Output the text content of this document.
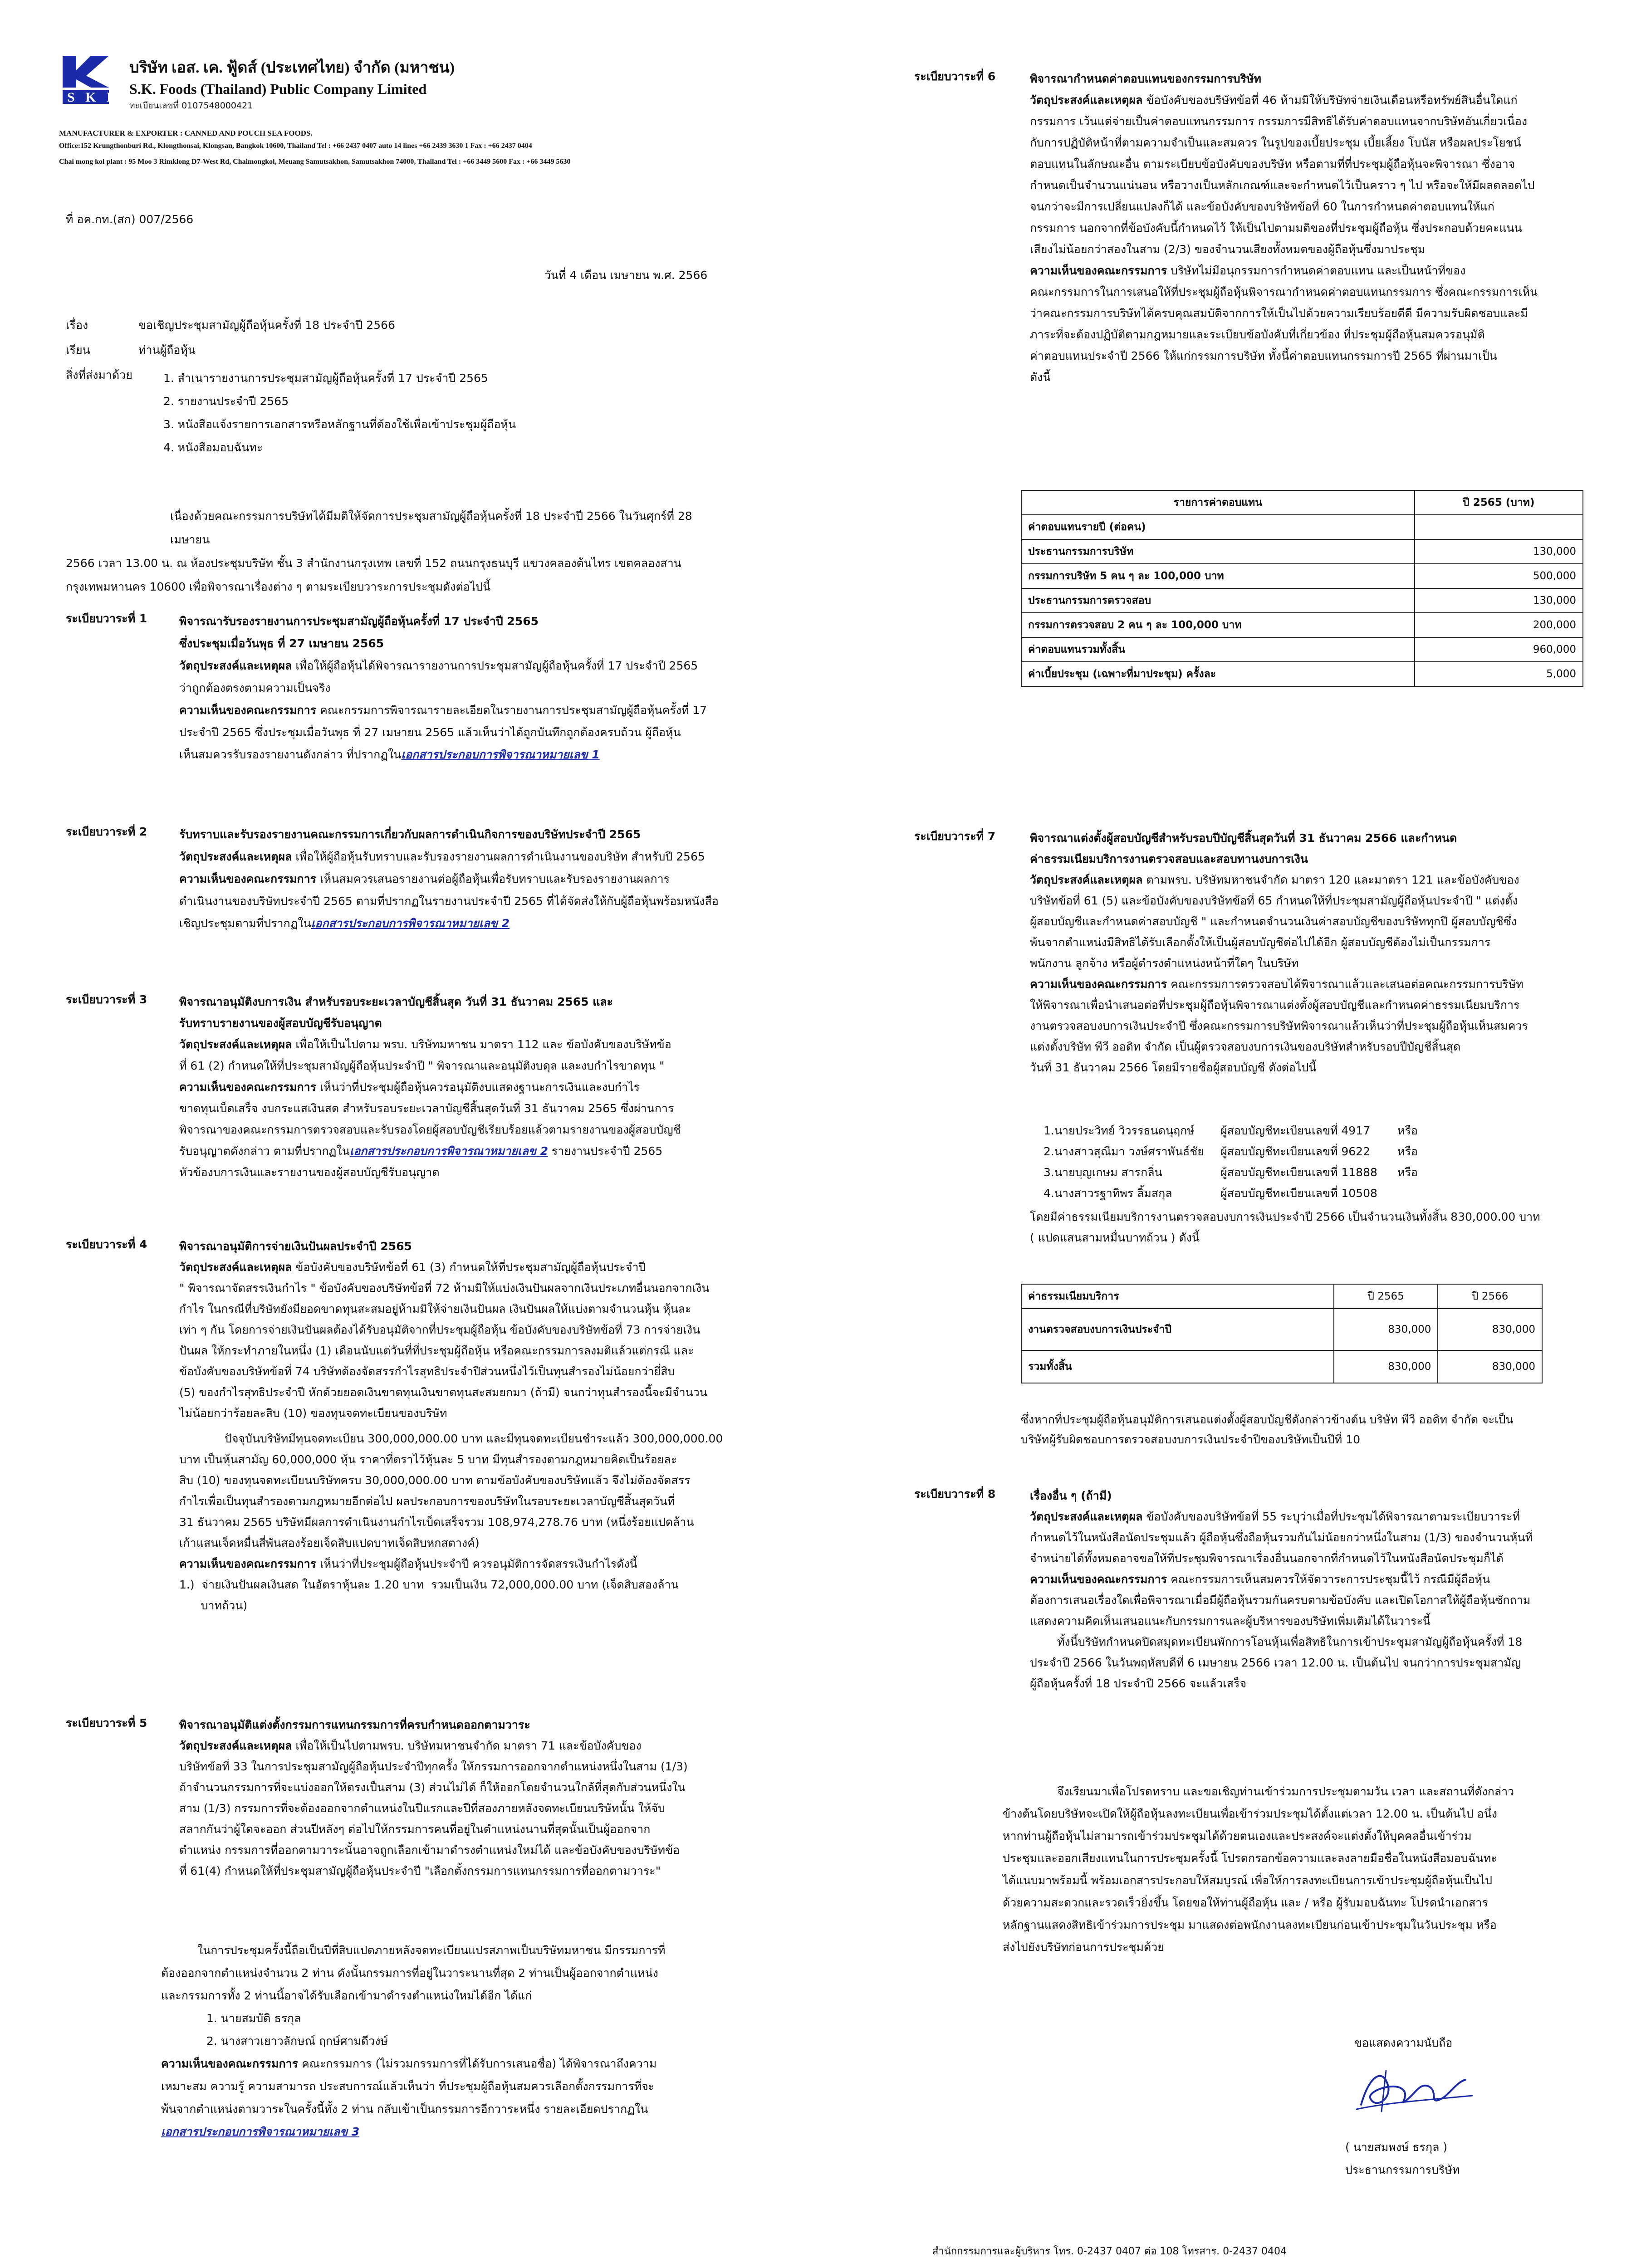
S K F
บริษัท เอส. เค. ฟู้ดส์ (ประเทศไทย) จำกัด (มหาชน)
S.K. Foods (Thailand) Public Company Limited
ทะเบียนเลขที่ 0107548000421
MANUFACTURER & EXPORTER : CANNED AND POUCH SEA FOODS.
Office:152 Krungthonburi Rd., Klongthonsai, Klongsan, Bangkok 10600, Thailand Tel : +66 2437 0407 auto 14 lines +66 2439 3630 1 Fax : +66 2437 0404
Chai mong kol plant : 95 Moo 3 Rimklong D7-West Rd, Chaimongkol, Meuang Samutsakhon, Samutsakhon 74000, Thailand Tel : +66 3449 5600 Fax : +66 3449 5630
ที่ อค.กท.(สก) 007/2566
วันที่ 4 เดือน เมษายน พ.ศ. 2566
เรื่อง	ขอเชิญประชุมสามัญผู้ถือหุ้นครั้งที่ 18 ประจำปี 2566
เรียน	ท่านผู้ถือหุ้น
สิ่งที่ส่งมาด้วย	1. สำเนารายงานการประชุมสามัญผู้ถือหุ้นครั้งที่ 17 ประจำปี 2565
2. รายงานประจำปี 2565
3. หนังสือแจ้งรายการเอกสารหรือหลักฐานที่ต้องใช้เพื่อเข้าประชุมผู้ถือหุ้น
4. หนังสือมอบฉันทะ
เนื่องด้วยคณะกรรมการบริษัทได้มีมติให้จัดการประชุมสามัญผู้ถือหุ้นครั้งที่ 18 ประจำปี 2566 ในวันศุกร์ที่ 28 เมษายน
2566 เวลา 13.00 น. ณ ห้องประชุมบริษัท ชั้น 3 สำนักงานกรุงเทพ เลขที่ 152 ถนนกรุงธนบุรี แขวงคลองต้นไทร เขตคลองสาน
กรุงเทพมหานคร 10600 เพื่อพิจารณาเรื่องต่าง ๆ ตามระเบียบวาระการประชุมดังต่อไปนี้
ระเบียบวาระที่ 1	พิจารณารับรองรายงานการประชุมสามัญผู้ถือหุ้นครั้งที่ 17 ประจำปี 2565
ซึ่งประชุมเมื่อวันพุธ ที่ 27 เมษายน 2565
วัตถุประสงค์และเหตุผล เพื่อให้ผู้ถือหุ้นได้พิจารณารายงานการประชุมสามัญผู้ถือหุ้นครั้งที่ 17 ประจำปี 2565
ว่าถูกต้องตรงตามความเป็นจริง
ความเห็นของคณะกรรมการ คณะกรรมการพิจารณารายละเอียดในรายงานการประชุมสามัญผู้ถือหุ้นครั้งที่ 17
ประจำปี 2565 ซึ่งประชุมเมื่อวันพุธ ที่ 27 เมษายน 2565 แล้วเห็นว่าได้ถูกบันทึกถูกต้องครบถ้วน ผู้ถือหุ้น
เห็นสมควรรับรองรายงานดังกล่าว ที่ปรากฏในเอกสารประกอบการพิจารณาหมายเลข 1
ระเบียบวาระที่ 2	รับทราบและรับรองรายงานคณะกรรมการเกี่ยวกับผลการดำเนินกิจการของบริษัทประจำปี 2565
วัตถุประสงค์และเหตุผล เพื่อให้ผู้ถือหุ้นรับทราบและรับรองรายงานผลการดำเนินงานของบริษัท สำหรับปี 2565
ความเห็นของคณะกรรมการ เห็นสมควรเสนอรายงานต่อผู้ถือหุ้นเพื่อรับทราบและรับรองรายงานผลการ
ดำเนินงานของบริษัทประจำปี 2565 ตามที่ปรากฏในรายงานประจำปี 2565 ที่ได้จัดส่งให้กับผู้ถือหุ้นพร้อมหนังสือ
เชิญประชุมตามที่ปรากฏในเอกสารประกอบการพิจารณาหมายเลข 2
ระเบียบวาระที่ 3	พิจารณาอนุมัติงบการเงิน สำหรับรอบระยะเวลาบัญชีสิ้นสุด วันที่ 31 ธันวาคม 2565 และ
รับทราบรายงานของผู้สอบบัญชีรับอนุญาต
วัตถุประสงค์และเหตุผล เพื่อให้เป็นไปตาม พรบ. บริษัทมหาชน มาตรา 112 และ ข้อบังคับของบริษัทข้อ
ที่ 61 (2) กำหนดให้ที่ประชุมสามัญผู้ถือหุ้นประจำปี " พิจารณาและอนุมัติงบดุล และงบกำไรขาดทุน "
ความเห็นของคณะกรรมการ เห็นว่าที่ประชุมผู้ถือหุ้นควรอนุมัติงบแสดงฐานะการเงินและงบกำไร
ขาดทุนเบ็ดเสร็จ งบกระแสเงินสด สำหรับรอบระยะเวลาบัญชีสิ้นสุดวันที่ 31 ธันวาคม 2565 ซึ่งผ่านการ
พิจารณาของคณะกรรมการตรวจสอบและรับรองโดยผู้สอบบัญชีเรียบร้อยแล้วตามรายงานของผู้สอบบัญชี
รับอนุญาตดังกล่าว ตามที่ปรากฏในเอกสารประกอบการพิจารณาหมายเลข 2 รายงานประจำปี 2565
หัวข้องบการเงินและรายงานของผู้สอบบัญชีรับอนุญาต
ระเบียบวาระที่ 4	พิจารณาอนุมัติการจ่ายเงินปันผลประจำปี 2565
วัตถุประสงค์และเหตุผล ข้อบังคับของบริษัทข้อที่ 61 (3) กำหนดให้ที่ประชุมสามัญผู้ถือหุ้นประจำปี
" พิจารณาจัดสรรเงินกำไร " ข้อบังคับของบริษัทข้อที่ 72 ห้ามมิให้แบ่งเงินปันผลจากเงินประเภทอื่นนอกจากเงิน
กำไร ในกรณีที่บริษัทยังมียอดขาดทุนสะสมอยู่ห้ามมิให้จ่ายเงินปันผล เงินปันผลให้แบ่งตามจำนวนหุ้น หุ้นละ
เท่า ๆ กัน โดยการจ่ายเงินปันผลต้องได้รับอนุมัติจากที่ประชุมผู้ถือหุ้น ข้อบังคับของบริษัทข้อที่ 73 การจ่ายเงิน
ปันผล ให้กระทำภายในหนึ่ง (1) เดือนนับแต่วันที่ที่ประชุมผู้ถือหุ้น หรือคณะกรรมการลงมติแล้วแต่กรณี และ
ข้อบังคับของบริษัทข้อที่ 74 บริษัทต้องจัดสรรกำไรสุทธิประจำปีส่วนหนึ่งไว้เป็นทุนสำรองไม่น้อยกว่ายี่สิบ
(5) ของกำไรสุทธิประจำปี หักด้วยยอดเงินขาดทุนเงินขาดทุนสะสมยกมา (ถ้ามี) จนกว่าทุนสำรองนี้จะมีจำนวน
ไม่น้อยกว่าร้อยละสิบ (10) ของทุนจดทะเบียนของบริษัท
ปัจจุบันบริษัทมีทุนจดทะเบียน 300,000,000.00 บาท และมีทุนจดทะเบียนชำระแล้ว 300,000,000.00
บาท เป็นหุ้นสามัญ 60,000,000 หุ้น ราคาที่ตราไว้หุ้นละ 5 บาท มีทุนสำรองตามกฎหมายคิดเป็นร้อยละ
สิบ (10) ของทุนจดทะเบียนบริษัทครบ 30,000,000.00 บาท ตามข้อบังคับของบริษัทแล้ว จึงไม่ต้องจัดสรร
กำไรเพื่อเป็นทุนสำรองตามกฎหมายอีกต่อไป ผลประกอบการของบริษัทในรอบระยะเวลาบัญชีสิ้นสุดวันที่
31 ธันวาคม 2565 บริษัทมีผลการดำเนินงานกำไรเบ็ดเสร็จรวม 108,974,278.76 บาท (หนึ่งร้อยแปดล้าน
เก้าแสนเจ็ดหมื่นสี่พันสองร้อยเจ็ดสิบแปดบาทเจ็ดสิบหกสตางค์)
ความเห็นของคณะกรรมการ เห็นว่าที่ประชุมผู้ถือหุ้นประจำปี ควรอนุมัติการจัดสรรเงินกำไรดังนี้
1.)  จ่ายเงินปันผลเงินสด ในอัตราหุ้นละ 1.20 บาท  รวมเป็นเงิน 72,000,000.00 บาท (เจ็ดสิบสองล้าน
บาทถ้วน)
ระเบียบวาระที่ 5	พิจารณาอนุมัติแต่งตั้งกรรมการแทนกรรมการที่ครบกำหนดออกตามวาระ
วัตถุประสงค์และเหตุผล เพื่อให้เป็นไปตามพรบ. บริษัทมหาชนจำกัด มาตรา 71 และข้อบังคับของ
บริษัทข้อที่ 33 ในการประชุมสามัญผู้ถือหุ้นประจำปีทุกครั้ง ให้กรรมการออกจากตำแหน่งหนึ่งในสาม (1/3)
ถ้าจำนวนกรรมการที่จะแบ่งออกให้ตรงเป็นสาม (3) ส่วนไม่ได้ ก็ให้ออกโดยจำนวนใกล้ที่สุดกับส่วนหนึ่งใน
สาม (1/3) กรรมการที่จะต้องออกจากตำแหน่งในปีแรกและปีที่สองภายหลังจดทะเบียนบริษัทนั้น ให้จับ
สลากกันว่าผู้ใดจะออก ส่วนปีหลังๆ ต่อไปให้กรรมการคนที่อยู่ในตำแหน่งนานที่สุดนั้นเป็นผู้ออกจาก
ตำแหน่ง กรรมการที่ออกตามวาระนั้นอาจถูกเลือกเข้ามาดำรงตำแหน่งใหม่ได้ และข้อบังคับของบริษัทข้อ
ที่ 61(4) กำหนดให้ที่ประชุมสามัญผู้ถือหุ้นประจำปี "เลือกตั้งกรรมการแทนกรรมการที่ออกตามวาระ"
ในการประชุมครั้งนี้ถือเป็นปีที่สิบแปดภายหลังจดทะเบียนแปรสภาพเป็นบริษัทมหาชน มีกรรมการที่
ต้องออกจากตำแหน่งจำนวน 2 ท่าน ดังนั้นกรรมการที่อยู่ในวาระนานที่สุด 2 ท่านเป็นผู้ออกจากตำแหน่ง
และกรรมการทั้ง 2 ท่านนี้อาจได้รับเลือกเข้ามาดำรงตำแหน่งใหม่ได้อีก ได้แก่
1. นายสมบัติ ธรกุล
2. นางสาวเยาวลักษณ์ ฤกษ์ศามดีวงษ์
ความเห็นของคณะกรรมการ คณะกรรมการ (ไม่รวมกรรมการที่ได้รับการเสนอชื่อ) ได้พิจารณาถึงความ
เหมาะสม ความรู้ ความสามารถ ประสบการณ์แล้วเห็นว่า ที่ประชุมผู้ถือหุ้นสมควรเลือกตั้งกรรมการที่จะ
พ้นจากตำแหน่งตามวาระในครั้งนี้ทั้ง 2 ท่าน กลับเข้าเป็นกรรมการอีกวาระหนึ่ง รายละเอียดปรากฏใน
เอกสารประกอบการพิจารณาหมายเลข 3
ระเบียบวาระที่ 6	พิจารณากำหนดค่าตอบแทนของกรรมการบริษัท
วัตถุประสงค์และเหตุผล ข้อบังคับของบริษัทข้อที่ 46 ห้ามมิให้บริษัทจ่ายเงินเดือนหรือทรัพย์สินอื่นใดแก่
กรรมการ เว้นแต่จ่ายเป็นค่าตอบแทนกรรมการ กรรมการมีสิทธิได้รับค่าตอบแทนจากบริษัทอันเกี่ยวเนื่อง
กับการปฏิบัติหน้าที่ตามความจำเป็นและสมควร ในรูปของเบี้ยประชุม เบี้ยเลี้ยง โบนัส หรือผลประโยชน์
ตอบแทนในลักษณะอื่น ตามระเบียบข้อบังคับของบริษัท หรือตามที่ที่ประชุมผู้ถือหุ้นจะพิจารณา ซึ่งอาจ
กำหนดเป็นจำนวนแน่นอน หรือวางเป็นหลักเกณฑ์และจะกำหนดไว้เป็นคราว ๆ ไป หรือจะให้มีผลตลอดไป
จนกว่าจะมีการเปลี่ยนแปลงก็ได้ และข้อบังคับของบริษัทข้อที่ 60 ในการกำหนดค่าตอบแทนให้แก่
กรรมการ นอกจากที่ข้อบังคับนี้กำหนดไว้ ให้เป็นไปตามมติของที่ประชุมผู้ถือหุ้น ซึ่งประกอบด้วยคะแนน
เสียงไม่น้อยกว่าสองในสาม (2/3) ของจำนวนเสียงทั้งหมดของผู้ถือหุ้นซึ่งมาประชุม
ความเห็นของคณะกรรมการ บริษัทไม่มีอนุกรรมการกำหนดค่าตอบแทน และเป็นหน้าที่ของ
คณะกรรมการในการเสนอให้ที่ประชุมผู้ถือหุ้นพิจารณากำหนดค่าตอบแทนกรรมการ ซึ่งคณะกรรมการเห็น
ว่าคณะกรรมการบริษัทได้ครบคุณสมบัติจากการให้เป็นไปด้วยความเรียบร้อยดีดี มีความรับผิดชอบและมี
ภาระที่จะต้องปฏิบัติตามกฎหมายและระเบียบข้อบังคับที่เกี่ยวข้อง ที่ประชุมผู้ถือหุ้นสมควรอนุมัติ
ค่าตอบแทนประจำปี 2566 ให้แก่กรรมการบริษัท ทั้งนี้ค่าตอบแทนกรรมการปี 2565 ที่ผ่านมาเป็น
ดังนี้
รายการค่าตอบแทน	ปี 2565 (บาท)
ค่าตอบแทนรายปี (ต่อคน)	
ประธานกรรมการบริษัท	130,000
กรรมการบริษัท 5 คน ๆ ละ 100,000 บาท	500,000
ประธานกรรมการตรวจสอบ	130,000
กรรมการตรวจสอบ 2 คน ๆ ละ 100,000 บาท	200,000
ค่าตอบแทนรวมทั้งสิ้น	960,000
ค่าเบี้ยประชุม (เฉพาะที่มาประชุม) ครั้งละ	5,000
ระเบียบวาระที่ 7	พิจารณาแต่งตั้งผู้สอบบัญชีสำหรับรอบปีบัญชีสิ้นสุดวันที่ 31 ธันวาคม 2566 และกำหนด
ค่าธรรมเนียมบริการงานตรวจสอบและสอบทานงบการเงิน
วัตถุประสงค์และเหตุผล ตามพรบ. บริษัทมหาชนจำกัด มาตรา 120 และมาตรา 121 และข้อบังคับของ
บริษัทข้อที่ 61 (5) และข้อบังคับของบริษัทข้อที่ 65 กำหนดให้ที่ประชุมสามัญผู้ถือหุ้นประจำปี " แต่งตั้ง
ผู้สอบบัญชีและกำหนดค่าสอบบัญชี " และกำหนดจำนวนเงินค่าสอบบัญชีของบริษัททุกปี ผู้สอบบัญชีซึ่ง
พ้นจากตำแหน่งมีสิทธิได้รับเลือกตั้งให้เป็นผู้สอบบัญชีต่อไปได้อีก ผู้สอบบัญชีต้องไม่เป็นกรรมการ
พนักงาน ลูกจ้าง หรือผู้ดำรงตำแหน่งหน้าที่ใดๆ ในบริษัท
ความเห็นของคณะกรรมการ คณะกรรมการตรวจสอบได้พิจารณาแล้วและเสนอต่อคณะกรรมการบริษัท
ให้พิจารณาเพื่อนำเสนอต่อที่ประชุมผู้ถือหุ้นพิจารณาแต่งตั้งผู้สอบบัญชีและกำหนดค่าธรรมเนียมบริการ
งานตรวจสอบงบการเงินประจำปี ซึ่งคณะกรรมการบริษัทพิจารณาแล้วเห็นว่าที่ประชุมผู้ถือหุ้นเห็นสมควร
แต่งตั้งบริษัท พีวี ออดิท จำกัด เป็นผู้ตรวจสอบงบการเงินของบริษัทสำหรับรอบปีบัญชีสิ้นสุด
วันที่ 31 ธันวาคม 2566 โดยมีรายชื่อผู้สอบบัญชี ดังต่อไปนี้
1.นายประวิทย์ วิวรรธนดนุฤกษ์	ผู้สอบบัญชีทะเบียนเลขที่ 4917	หรือ
2.นางสาวสุณีมา วงษ์ศราพันธ์ชัย	ผู้สอบบัญชีทะเบียนเลขที่ 9622	หรือ
3.นายบุญเกษม สารกลิ่น	ผู้สอบบัญชีทะเบียนเลขที่ 11888	หรือ
4.นางสาวรฐาทิพร ลิ้มสกุล	ผู้สอบบัญชีทะเบียนเลขที่ 10508
โดยมีค่าธรรมเนียมบริการงานตรวจสอบงบการเงินประจำปี 2566 เป็นจำนวนเงินทั้งสิ้น 830,000.00 บาท
( แปดแสนสามหมื่นบาทถ้วน ) ดังนี้
ค่าธรรมเนียมบริการ	ปี 2565	ปี 2566
งานตรวจสอบงบการเงินประจำปี	830,000	830,000
รวมทั้งสิ้น	830,000	830,000
ซึ่งหากที่ประชุมผู้ถือหุ้นอนุมัติการเสนอแต่งตั้งผู้สอบบัญชีดังกล่าวข้างต้น บริษัท พีวี ออดิท จำกัด จะเป็น
บริษัทผู้รับผิดชอบการตรวจสอบงบการเงินประจำปีของบริษัทเป็นปีที่ 10
ระเบียบวาระที่ 8	เรื่องอื่น ๆ (ถ้ามี)
วัตถุประสงค์และเหตุผล ข้อบังคับของบริษัทข้อที่ 55 ระบุว่าเมื่อที่ประชุมได้พิจารณาตามระเบียบวาระที่
กำหนดไว้ในหนังสือนัดประชุมแล้ว ผู้ถือหุ้นซึ่งถือหุ้นรวมกันไม่น้อยกว่าหนึ่งในสาม (1/3) ของจำนวนหุ้นที่
จำหน่ายได้ทั้งหมดอาจขอให้ที่ประชุมพิจารณาเรื่องอื่นนอกจากที่กำหนดไว้ในหนังสือนัดประชุมก็ได้
ความเห็นของคณะกรรมการ คณะกรรมการเห็นสมควรให้จัดวาระการประชุมนี้ไว้ กรณีมีผู้ถือหุ้น
ต้องการเสนอเรื่องใดเพื่อพิจารณาเมื่อมีผู้ถือหุ้นรวมกันครบตามข้อบังคับ และเปิดโอกาสให้ผู้ถือหุ้นซักถาม
แสดงความคิดเห็นเสนอแนะกับกรรมการและผู้บริหารของบริษัทเพิ่มเติมได้ในวาระนี้
ทั้งนี้บริษัทกำหนดปิดสมุดทะเบียนพักการโอนหุ้นเพื่อสิทธิในการเข้าประชุมสามัญผู้ถือหุ้นครั้งที่ 18
ประจำปี 2566 ในวันพฤหัสบดีที่ 6 เมษายน 2566 เวลา 12.00 น. เป็นต้นไป จนกว่าการประชุมสามัญ
ผู้ถือหุ้นครั้งที่ 18 ประจำปี 2566 จะแล้วเสร็จ
จึงเรียนมาเพื่อโปรดทราบ และขอเชิญท่านเข้าร่วมการประชุมตามวัน เวลา และสถานที่ดังกล่าว
ข้างต้นโดยบริษัทจะเปิดให้ผู้ถือหุ้นลงทะเบียนเพื่อเข้าร่วมประชุมได้ตั้งแต่เวลา 12.00 น. เป็นต้นไป อนึ่ง
หากท่านผู้ถือหุ้นไม่สามารถเข้าร่วมประชุมได้ด้วยตนเองและประสงค์จะแต่งตั้งให้บุคคลอื่นเข้าร่วม
ประชุมและออกเสียงแทนในการประชุมครั้งนี้ โปรดกรอกข้อความและลงลายมือชื่อในหนังสือมอบฉันทะ
ได้แนบมาพร้อมนี้ พร้อมเอกสารประกอบให้สมบูรณ์ เพื่อให้การลงทะเบียนการเข้าประชุมผู้ถือหุ้นเป็นไป
ด้วยความสะดวกและรวดเร็วยิ่งขึ้น โดยขอให้ท่านผู้ถือหุ้น และ / หรือ ผู้รับมอบฉันทะ โปรดนำเอกสาร
หลักฐานแสดงสิทธิเข้าร่วมการประชุม มาแสดงต่อพนักงานลงทะเบียนก่อนเข้าประชุมในวันประชุม หรือ
ส่งไปยังบริษัทก่อนการประชุมด้วย
ขอแสดงความนับถือ
( นายสมพงษ์ ธรกุล )
ประธานกรรมการบริษัท
สำนักกรรมการและผู้บริหาร โทร. 0-2437 0407 ต่อ 108 โทรสาร. 0-2437 0404
